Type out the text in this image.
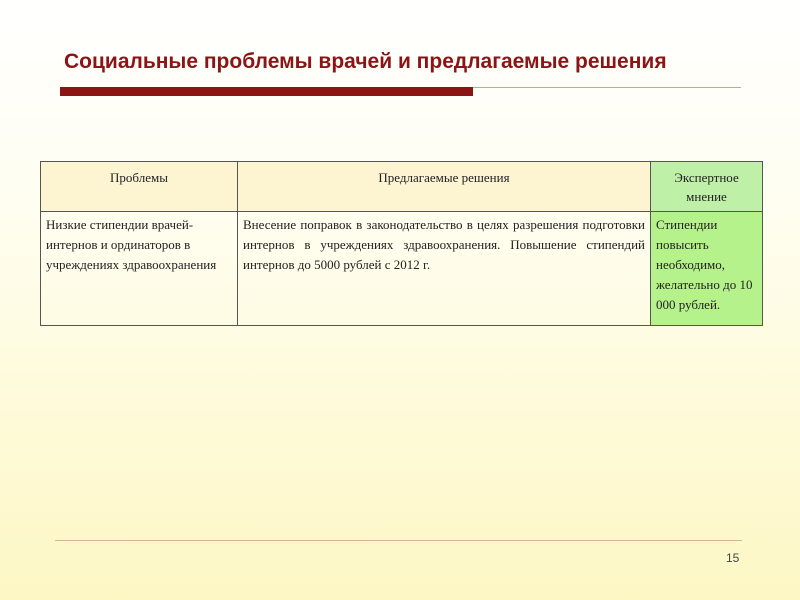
Социальные проблемы врачей и предлагаемые решения
Проблемы	Предлагаемые решения	Экспертное мнение
Низкие стипендии врачей-интернов и ординаторов в учреждениях здравоохранения	Внесение поправок в законодательство в целях разрешения подготовки интернов в учреждениях здравоохранения. Повышение стипендий интернов до 5000 рублей с 2012 г.	Стипендии повысить необходимо, желательно до 10 000 рублей.
15
